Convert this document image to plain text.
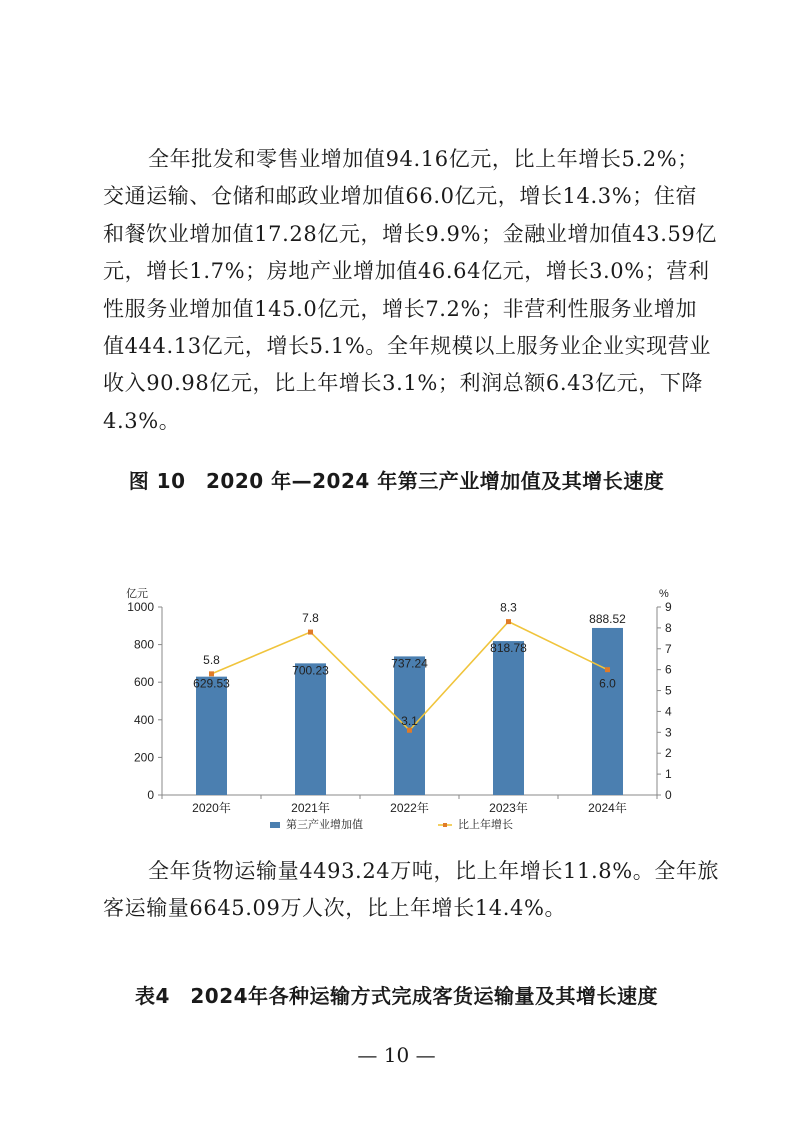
全年批发和零售业增加值94.16亿元，比上年增长5.2%；
交通运输、仓储和邮政业增加值66.0亿元，增长14.3%；住宿
和餐饮业增加值17.28亿元，增长9.9%；金融业增加值43.59亿
元，增长1.7%；房地产业增加值46.64亿元，增长3.0%；营利
性服务业增加值145.0亿元，增长7.2%；非营利性服务业增加
值444.13亿元，增长5.1%。全年规模以上服务业企业实现营业
收入90.98亿元，比上年增长3.1%；利润总额6.43亿元，下降
4.3%。
图 10　2020 年—2024 年第三产业增加值及其增长速度
0
200
400
600
800
1000
0
1
2
3
4
5
6
7
8
9
亿元	%
2020年	2021年	2022年	2023年	2024年
629.53
700.23	737.24
818.78
888.52
5.8
7.8
3.1
8.3
6.0
第三产业增加值	比上年增长
全年货物运输量4493.24万吨，比上年增长11.8%。全年旅
客运输量6645.09万人次，比上年增长14.4%。
表4　2024年各种运输方式完成客货运输量及其增长速度
— 10 —
